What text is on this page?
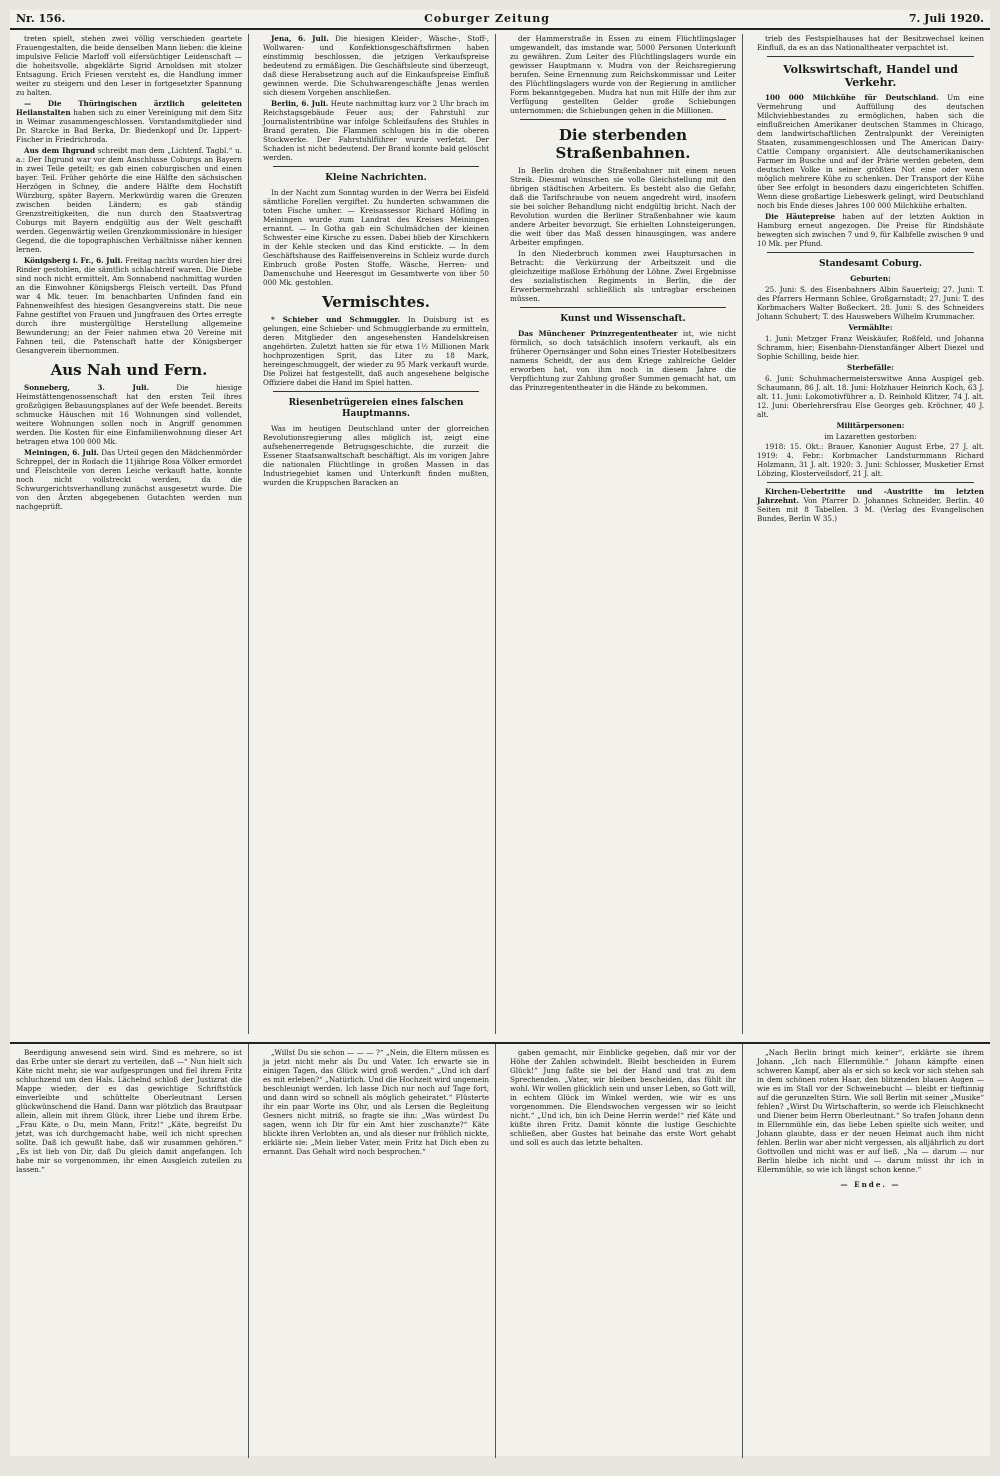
Nr. 156.	Coburger Zeitung	7. Juli 1920.

treten spielt, stehen zwei völlig verschieden geartete Frauengestalten, die beide denselben Mann lieben: die kleine impulsive Felicie Marloff voll eifersüchtiger Leidenschaft — die hoheitsvolle, abgeklärte Sigrid Arnoldsen mit stolzer Entsagung. Erich Friesen versteht es, die Handlung immer weiter zu steigern und den Leser in fortgesetzter Spannung zu halten.

— Die Thüringischen ärztlich geleiteten Heilanstalten haben sich zu einer Vereinigung mit dem Sitz in Weimar zusammengeschlossen. Vorstandsmitglieder sind Dr. Starcke in Bad Berka, Dr. Biedenkopf und Dr. Lippert-Fischer in Friedrichroda.

Aus dem Ihgrund schreibt man dem „Lichtenf. Tagbl.“ u. a.: Der Ihgrund war vor dem Anschlusse Coburgs an Bayern in zwei Teile geteilt; es gab einen coburgischen und einen bayer. Teil. Früher gehörte die eine Hälfte den sächsischen Herzögen in Schney, die andere Hälfte dem Hochstift Würzburg, später Bayern. Merkwürdig waren die Grenzen zwischen beiden Ländern; es gab ständig Grenzstreitigkeiten, die nun durch den Staatsvertrag Coburgs mit Bayern endgültig aus der Welt geschafft werden. Gegenwärtig weilen Grenzkommissionäre in hiesiger Gegend, die die topographischen Verhältnisse näher kennen lernen.

Königsberg i. Fr., 6. Juli. Freitag nachts wurden hier drei Rinder gestohlen, die sämtlich schlachtreif waren. Die Diebe sind noch nicht ermittelt. Am Sonnabend nachmittag wurden an die Einwohner Königsbergs Fleisch verteilt. Das Pfund war 4 Mk. teuer. Im benachbarten Unfinden fand ein Fahnenweihfest des hiesigen Gesangvereins statt. Die neue Fahne gestiftet von Frauen und Jungfrauen des Ortes erregte durch ihre mustergültige Herstellung allgemeine Bewunderung; an der Feier nahmen etwa 20 Vereine mit Fahnen teil, die Patenschaft hatte der Königsberger Gesangverein übernommen.

Aus Nah und Fern.

Sonneberg, 3. Juli.	Die hiesige Heimstättengenossenschaft hat den ersten Teil ihres großzügigen Bebauungsplanes auf der Wefe beendet. Bereits schmucke Häuschen mit 16 Wohnungen sind vollendet, weitere Wohnungen sollen noch in Angriff genommen werden. Die Kosten für eine Einfamilienwohnung dieser Art betragen etwa 100 000 Mk.

Meiningen, 6. Juli. Das Urteil gegen den Mädchenmörder Schreppel, der in Rodach die 11jährige Rosa Völker ermordet und Fleischteile von deren Leiche verkauft hatte, konnte noch nicht vollstreckt werden, da die Schwurgerichtsverhandlung zunächst ausgesetzt wurde. Die von den Ärzten abgegebenen Gutachten werden nun nachgeprüft.

Jena, 6. Juli. Die hiesigen Kleider-, Wäsche-, Stoff-, Wollwaren- und Konfektionsgeschäftsfirmen haben einstimmig beschlossen, die jetzigen Verkaufspreise bedeutend zu ermäßigen. Die Geschäftsleute sind überzeugt, daß diese Herabsetzung auch auf die Einkaufspreise Einfluß gewinnen werde. Die Schuhwarengeschäfte Jenas werden sich diesem Vorgehen anschließen.

Berlin, 6. Juli. Heute nachmittag kurz vor 2 Uhr brach im Reichstagsgebäude Feuer aus; der Fahrstuhl zur Journalistentribüne war infolge Schleifaufens des Stuhles in Brand geraten. Die Flammen schlugen bis in die oberen Stockwerke. Der Fahrstuhlführer wurde verletzt. Der Schaden ist nicht bedeutend. Der Brand konnte bald gelöscht werden.

Kleine Nachrichten.

In der Nacht zum Sonntag wurden in der Werra bei Eisfeld sämtliche Forellen vergiftet. Zu hunderten schwammen die toten Fische umher. — Kreisassessor Richard Höfling in Meiningen wurde zum Landrat des Kreises Meiningen ernannt. — In Gotha gab ein Schulmädchen der kleinen Schwester eine Kirsche zu essen. Dabei blieb der Kirschkern in der Kehle stecken und das Kind erstickte. — In dem Geschäftshause des Raiffeisenvereins in Schleiz wurde durch Einbruch große Posten Stoffe, Wäsche, Herren- und Damenschuhe und Heeresgut im Gesamtwerte von über 50 000 Mk. gestohlen.

Vermischtes.

* Schieber und Schmuggler. In Duisburg ist es gelungen, eine Schieber- und Schmugglerbande zu ermitteln, deren Mitglieder den angesehensten Handelskreisen angehörten. Zuletzt hatten sie für etwa 1½ Millionen Mark hochprozentigen Sprit, das Liter zu 18 Mark, hereingeschmuggelt, der wieder zu 95 Mark verkauft wurde. Die Polizei hat festgestellt, daß auch angesehene belgische Offiziere dabei die Hand im Spiel hatten.

Riesenbetrügereien eines falschen Hauptmanns.

Was im heutigen Deutschland unter der glorreichen Revolutionsregierung alles möglich ist, zeigt eine aufsehenerregende Betrugsgeschichte, die zurzeit die Essener Staatsanwaltschaft beschäftigt. Als im vorigen Jahre die nationalen Flüchtlinge in großen Massen in das Industriegebiet kamen und Unterkunft finden mußten, wurden die Kruppschen Baracken an

der Hammerstraße in Essen zu einem Flüchtlingslager umgewandelt, das imstande war, 5000 Personen Unterkunft zu gewähren. Zum Leiter des Flüchtlingslagers wurde ein gewisser Hauptmann v. Mudra von der Reichsregierung berufen. Seine Ernennung zum Reichskommissar und Leiter des Flüchtlingslagers wurde von der Regierung in amtlicher Form bekanntgegeben. Mudra hat nun mit Hilfe der ihm zur Verfügung gestellten Gelder große Schiebungen unternommen; die Schiebungen gehen in die Millionen.

Die sterbenden Straßenbahnen.

In Berlin drohen die Straßenbahner mit einem neuen Streik. Diesmal wünschen sie volle Gleichstellung mit den übrigen städtischen Arbeitern. Es besteht also die Gefahr, daß die Tarifschraube von neuem angedreht wird, insofern sie bei solcher Behandlung nicht endgültig bricht. Nach der Revolution wurden die Berliner Straßenbahner wie kaum andere Arbeiter bevorzugt. Sie erhielten Lohnsteigerungen, die weit über das Maß dessen hinausgingen, was andere Arbeiter empfingen.

In den Niederbruch kommen zwei Hauptursachen in Betracht: die Verkürzung der Arbeitszeit und die gleichzeitige maßlose Erhöhung der Löhne. Zwei Ergebnisse des sozialistischen Regiments in Berlin, die der Erwerbermehrzahl schließlich als untragbar erscheinen müssen.

Kunst und Wissenschaft.

Das Münchener Prinzregententheater ist, wie nicht förmlich, so doch tatsächlich insofern verkauft, als ein früherer Opernsänger und Sohn eines Triester Hotelbesitzers namens Scheidt, der aus dem Kriege zahlreiche Gelder erworben hat, von ihm noch in diesem Jahre die Verpflichtung zur Zahlung großer Summen gemacht hat, um das Prinzregententheater in die Hände zu bekommen.

trieb des Festspielhauses hat der Besitzwechsel keinen Einfluß, da es an das Nationaltheater verpachtet ist.

Volkswirtschaft, Handel und Verkehr.

100 000 Milchkühe für Deutschland. Um eine Vermehrung und Auffüllung des deutschen Milchviehbestandes zu ermöglichen, haben sich die einflußreichen Amerikaner deutschen Stammes in Chicago, dem landwirtschaftlichen Zentralpunkt der Vereinigten Staaten, zusammengeschlossen und The American Dairy-Cattle Company organisiert. Alle deutschamerikanischen Farmer im Busche und auf der Prärie werden gebeten, dem deutschen Volke in seiner größten Not eine oder wenn möglich mehrere Kühe zu schenken. Der Transport der Kühe über See erfolgt in besonders dazu eingerichteten Schiffen. Wenn diese großartige Liebeswerk gelingt, wird Deutschland noch bis Ende dieses Jahres 100 000 Milchkühe erhalten.

Die Häutepreise haben auf der letzten Auktion in Hamburg erneut angezogen. Die Preise für Rindshäute bewegten sich zwischen 7 und 9, für Kalbfelle zwischen 9 und 10 Mk. per Pfund.

Standesamt Coburg.
Geburten:

25. Juni: S. des Eisenbahners Albin Sauerteig; 27. Juni: T. des Pfarrers Hermann Schlee, Großgarnstadt; 27. Juni: T. des Korbmachers Walter Boßeckert. 28. Juni: S. des Schneiders Johann Schubert; T. des Hauswebers Wilhelm Krummacher.

Vermählte:

1. Juni: Metzger Franz Weiskäufer, Roßfeld, und Johanna Schramm, hier; Eisenbahn-Dienstanfänger Albert Diezel und Sophie Schilling, beide hier.

Sterbefälle:

6. Juni: Schuhmachermeisterswitwe Anna Auspigel geb. Schaumann, 86 J. alt. 18. Juni: Holzhauer Heinrich Koch, 63 J. alt. 11. Juni: Lokomotivführer a. D. Reinhold Klitzer, 74 J. alt. 12. Juni: Oberlehrersfrau Else Georges geb. Kröchner, 40 J. alt.

Militärpersonen:
im Lazaretten gestorben:

1918: 15. Okt.: Brauer, Kanonier August Erbe, 27 J. alt. 1919: 4. Febr.: Korbmacher Landsturmmann Richard Holzmann, 31 J. alt. 1920: 3. Juni: Schlosser, Musketier Ernst Löbzing, Klosterveilsdorf, 21 J. alt.

Kirchen-Uebertritte und -Austritte im letzten Jahrzehnt. Von Pfarrer D. Johannes Schneider, Berlin. 40 Seiten mit 8 Tabellen. 3 M. (Verlag des Evangelischen Bundes, Berlin W 35.)

Beerdigung anwesend sein wird. Sind es mehrere, so ist das Erbe unter sie derart zu verteilen, daß —“ Nun hielt sich Käte nicht mehr, sie war aufgesprungen und fiel ihrem Fritz schluchzend um den Hals. Lächelnd schloß der Justizrat die Mappe wieder, der es das gewichtige Schriftstück einverleibte und schüttelte Oberleutnant Lersen glückwünschend die Hand. Dann war plötzlich das Brautpaar allein, allein mit ihrem Glück, ihrer Liebe und ihrem Erbe. „Frau Käte, o Du, mein Mann, Fritz!“ „Käte, begreifst Du jetzt, was ich durchgemacht habe, weil ich nicht sprechen sollte. Daß ich gewußt habe, daß wir zusammen gehören.“ „Es ist lieb von Dir, daß Du gleich damit angefangen. Ich habe mir so vorgenommen, ihr einen Ausgleich zuteilen zu lassen.“

„Willst Du sie schon — — — ?“ „Nein, die Eltern müssen es ja jetzt nicht mehr als Du und Vater. Ich erwarte sie in einigen Tagen, das Glück wird groß werden.“ „Und ich darf es mit erleben?“ „Natürlich. Und die Hochzeit wird ungemein beschleunigt werden. Ich lasse Dich nur noch auf Tage fort, und dann wird so schnell als möglich geheiratet.“ Flüsterte ihr ein paar Worte ins Ohr, und als Lersen die Begleitung Gesners nicht mitriß, so fragte sie ihn: „Was würdest Du sagen, wenn ich Dir für ein Amt hier zuschanzte?“ Käte blickte ihren Verlobten an, und als dieser nur fröhlich nickte, erklärte sie: „Mein lieber Vater, mein Fritz hat Dich eben zu ernannt. Das Gehalt wird noch besprochen.“

gaben gemacht, mir Einblicke gegeben, daß mir vor der Höhe der Zahlen schwindelt. Bleibt bescheiden in Eurem Glück!“ Jung faßte sie bei der Hand und trat zu dem Sprechenden. „Vater, wir bleiben bescheiden, das fühlt ihr wohl. Wir wollen glücklich sein und unser Leben, so Gott will, in echtem Glück im Winkel werden, wie wir es uns vorgenommen. Die Elendswochen vergessen wir so leicht nicht.“ „Und ich, bin ich Deine Herrin werde!“ rief Käte und küßte ihren Fritz. Damit könnte die lustige Geschichte schließen, aber Gustes hat beinahe das erste Wort gehabt und soll es auch das letzte behalten.

„Nach Berlin bringt mich keiner“, erklärte sie ihrem Johann. „Ich nach Ellernmühle.“ Johann kämpfte einen schweren Kampf, aber als er sich so keck vor sich stehen sah in dem schönen roten Haar, den blitzenden blauen Augen — wie es im Stall vor der Schweinebucht — bleibt er tieftinnig auf die gerunzelten Stirn. Wie soll Berlin mit seiner „Musike“ fehlen? „Wirst Du Wirtschafterin, so werde ich Fleischknecht und Diener beim Herrn Oberleutnant.“ So trafen Johann denn in Ellernmühle ein, das liebe Leben spielte sich weiter, und Johann glaubte, dass er der neuen Heimat auch ihm nicht fehlen. Berlin war aber nicht vergessen, als alljährlich zu dort Gottvollen und nicht was er auf ließ. „Na — darum — nur Berlin bleibe ich nicht und — darum müsst ihr ich in Ellernmühle, so wie ich längst schon kenne.“

— Ende. —
